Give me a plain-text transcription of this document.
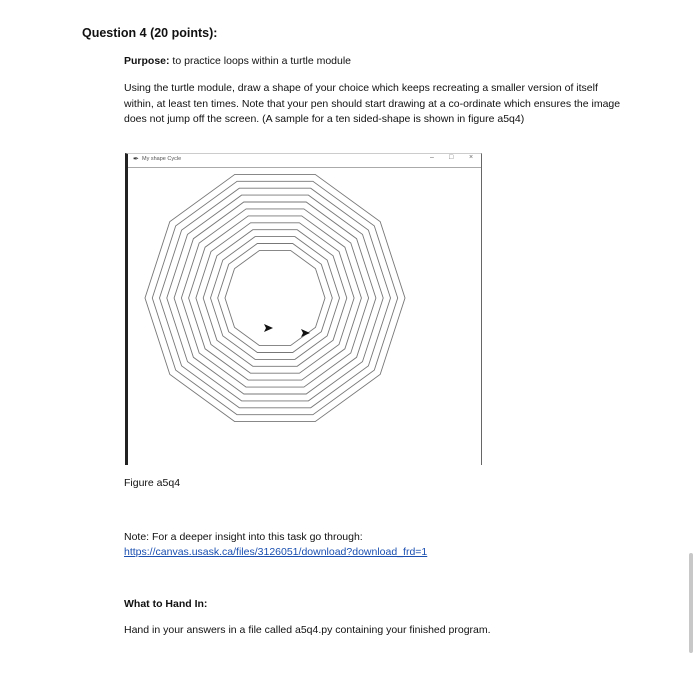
Question 4 (20 points):
Purpose: to practice loops within a turtle module
Using the turtle module, draw a shape of your choice which keeps recreating a smaller version of itself within, at least ten times. Note that your pen should start drawing at a co-ordinate which ensures the image does not jump off the screen. (A sample for a ten sided-shape is shown in figure a5q4)
✒ My shape Cycle	– □ ×
Figure a5q4
Note: For a deeper insight into this task go through:
https://canvas.usask.ca/files/3126051/download?download_frd=1
What to Hand In:
Hand in your answers in a file called a5q4.py containing your finished program.
